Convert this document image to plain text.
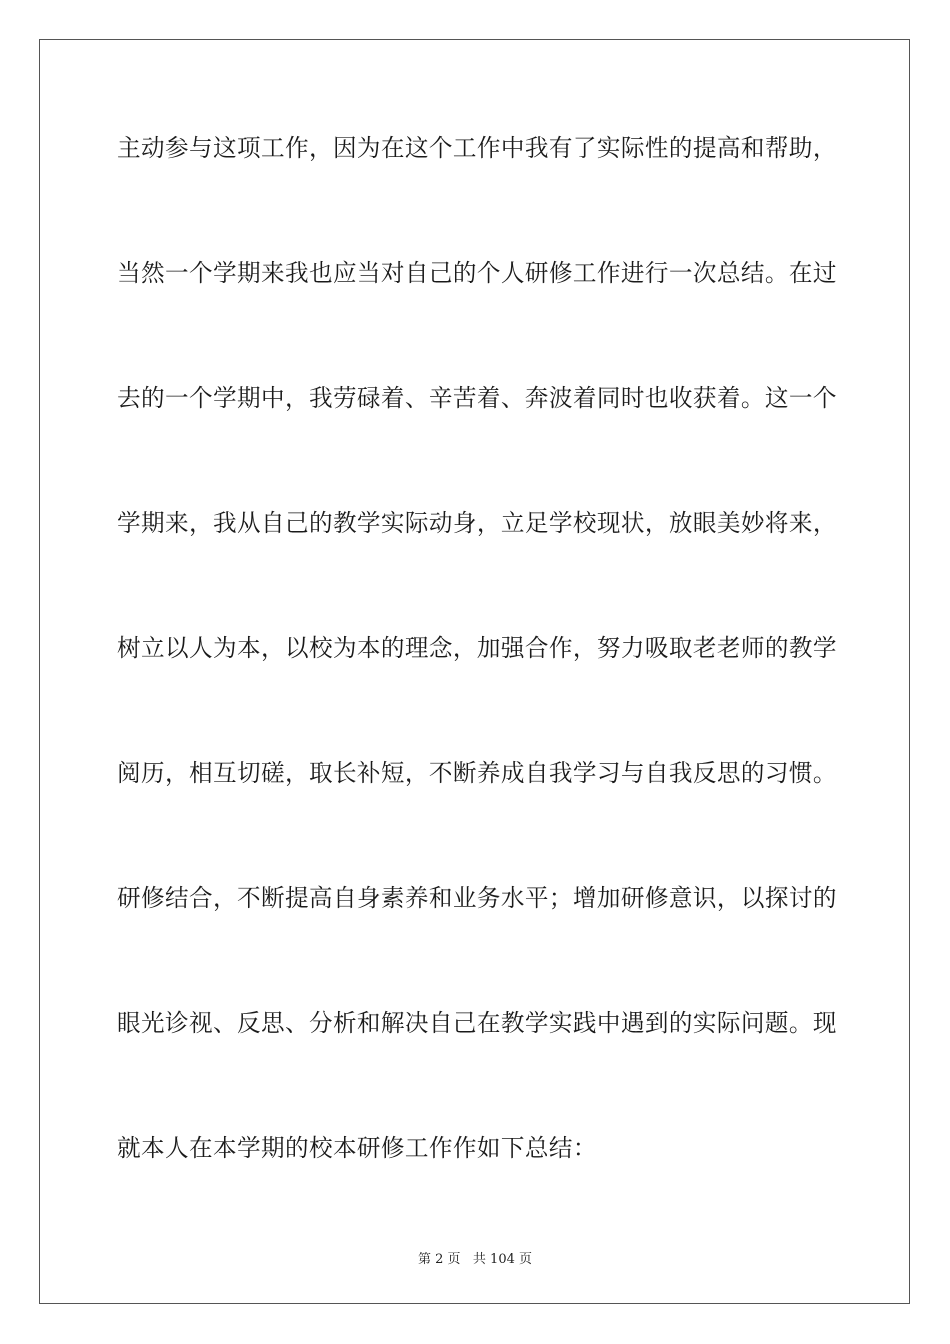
主动参与这项工作，因为在这个工作中我有了实际性的提高和帮助，
当然一个学期来我也应当对自己的个人研修工作进行一次总结。在过
去的一个学期中，我劳碌着、辛苦着、奔波着同时也收获着。这一个
学期来，我从自己的教学实际动身，立足学校现状，放眼美妙将来，
树立以人为本，以校为本的理念，加强合作，努力吸取老老师的教学
阅历，相互切磋，取长补短，不断养成自我学习与自我反思的习惯。
研修结合，不断提高自身素养和业务水平；增加研修意识，以探讨的
眼光诊视、反思、分析和解决自己在教学实践中遇到的实际问题。现
就本人在本学期的校本研修工作作如下总结：
第 2 页   共 104 页
